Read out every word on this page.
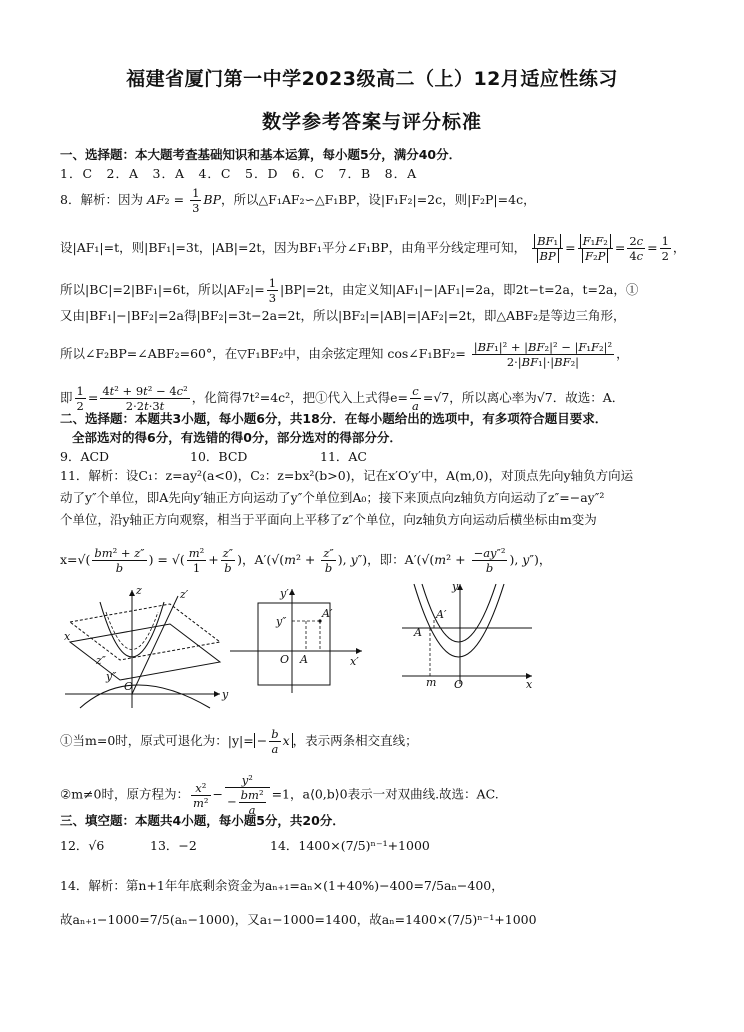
福建省厦门第一中学2023级高二（上）12月适应性练习
数学参考答案与评分标准
一、选择题：本大题考查基础知识和基本运算，每小题5分，满分40分．
1．C　2．A　3．A　4．C　5．D　6．C　7．B　8．A
8．解析：因为 $AF_2 = \frac{1}{3}$ BP，所以△F₁AF₂∽△F₁BP，设|F₁F₂|=2c，则|F₂P|=4c，
设|AF₁|=t，则|BF₁|=3t，|AB|=2t，因为BF₁平分∠F₁BP，由角平分线定理可知， $\frac{\text{BF₁}}{BP} = \frac{\text{F₁F₂}}{\text{F₂P}} = \frac{2c}{4c} = \frac{1}{2}$ ，
所以|BC|=2|BF₁|=6t，所以$|AF_2|= \frac{1}{3} |BP|=2t$，由定义知|AF₁|−|AF₁|=2a，即2t−t=2a，t=2a，①
又由|BF₁|−|BF₂|=2a得|BF₂|=3t−2a=2t，所以|BF₂|=|AB|=|AF₂|=2t，即△ABF₂是等边三角形，
所以∠F₂BP=∠ABF₂=60°，在▽F₁BF₂中，由余弦定理知 cos∠F₁BF₂= $\frac{\text{|BF₁|² + |BF₂|² − |F₁F₂|²}}{\text{2·|BF₁|·|BF₂|}}$ ，
即 $\frac{1}{2} = \frac{\text{4t² + 9t² − 4c²}}{2\cdot 2t\cdot 3t}$ ，化简得7t²=4c²，把①代入上式得$e= \frac{c}{a} =√7$，所以离心率为√7．故选：A．
二、选择题：本题共3小题，每小题6分，共18分．在每小题给出的选项中，有多项符合题目要求．
全部选对的得6分，有选错的得0分，部分选对的得部分分．
9．ACD	10．BCD	11．AC
11．解析：设C₁：z=ay²(a<0)，C₂：z=bx²(b>0)，记在x′O′y′中，A(m,0)，对顶点先向y轴负方向运
动了y″个单位，即A先向y′轴正方向运动了y″个单位到A₀；接下来顶点向z轴负方向运动了z″=−ay″²
个单位，沿y轴正方向观察，相当于平面向上平移了z″个单位，向z轴负方向运动后横坐标由m变为
$x=√( \frac{\text{bm² + z″}}{b}$ ) = √( $\frac{\text{m²}}{1} + \frac{z''}{b}$ )，$A'(√(m^2 + \frac{z''}{b}$ ), y″)，即：$A'(√(m^2 + \frac{\text{−ay″²}}{b}$ ), y″)，
z′
z
y
x
z″
y″
O
y′
y″
A′
O A	x′
y
A′
A
m O	x
①当m=0时，原式可退化为：$|y|= - \frac{b}{a}$ x ，表示两条相交直线；
②m≠0时，原方程为： $\frac{\text{x²}}{\text{m²}} - \frac{\text{y²}}{- \frac{\text{bm²}}{a}} =1$，a⟨0,b⟩0表示一对双曲线.故选：AC.
三、填空题：本题共4小题，每小题5分，共20分．
12．√6	13．−2	14．1400×(7/5)ⁿ⁻¹+1000
14．解析：第n+1年年底剩余资金为aₙ₊₁=aₙ×(1+40%)−400=7/5aₙ−400，
故aₙ₊₁−1000=7/5(aₙ−1000)，又a₁−1000=1400，故aₙ=1400×(7/5)ⁿ⁻¹+1000
